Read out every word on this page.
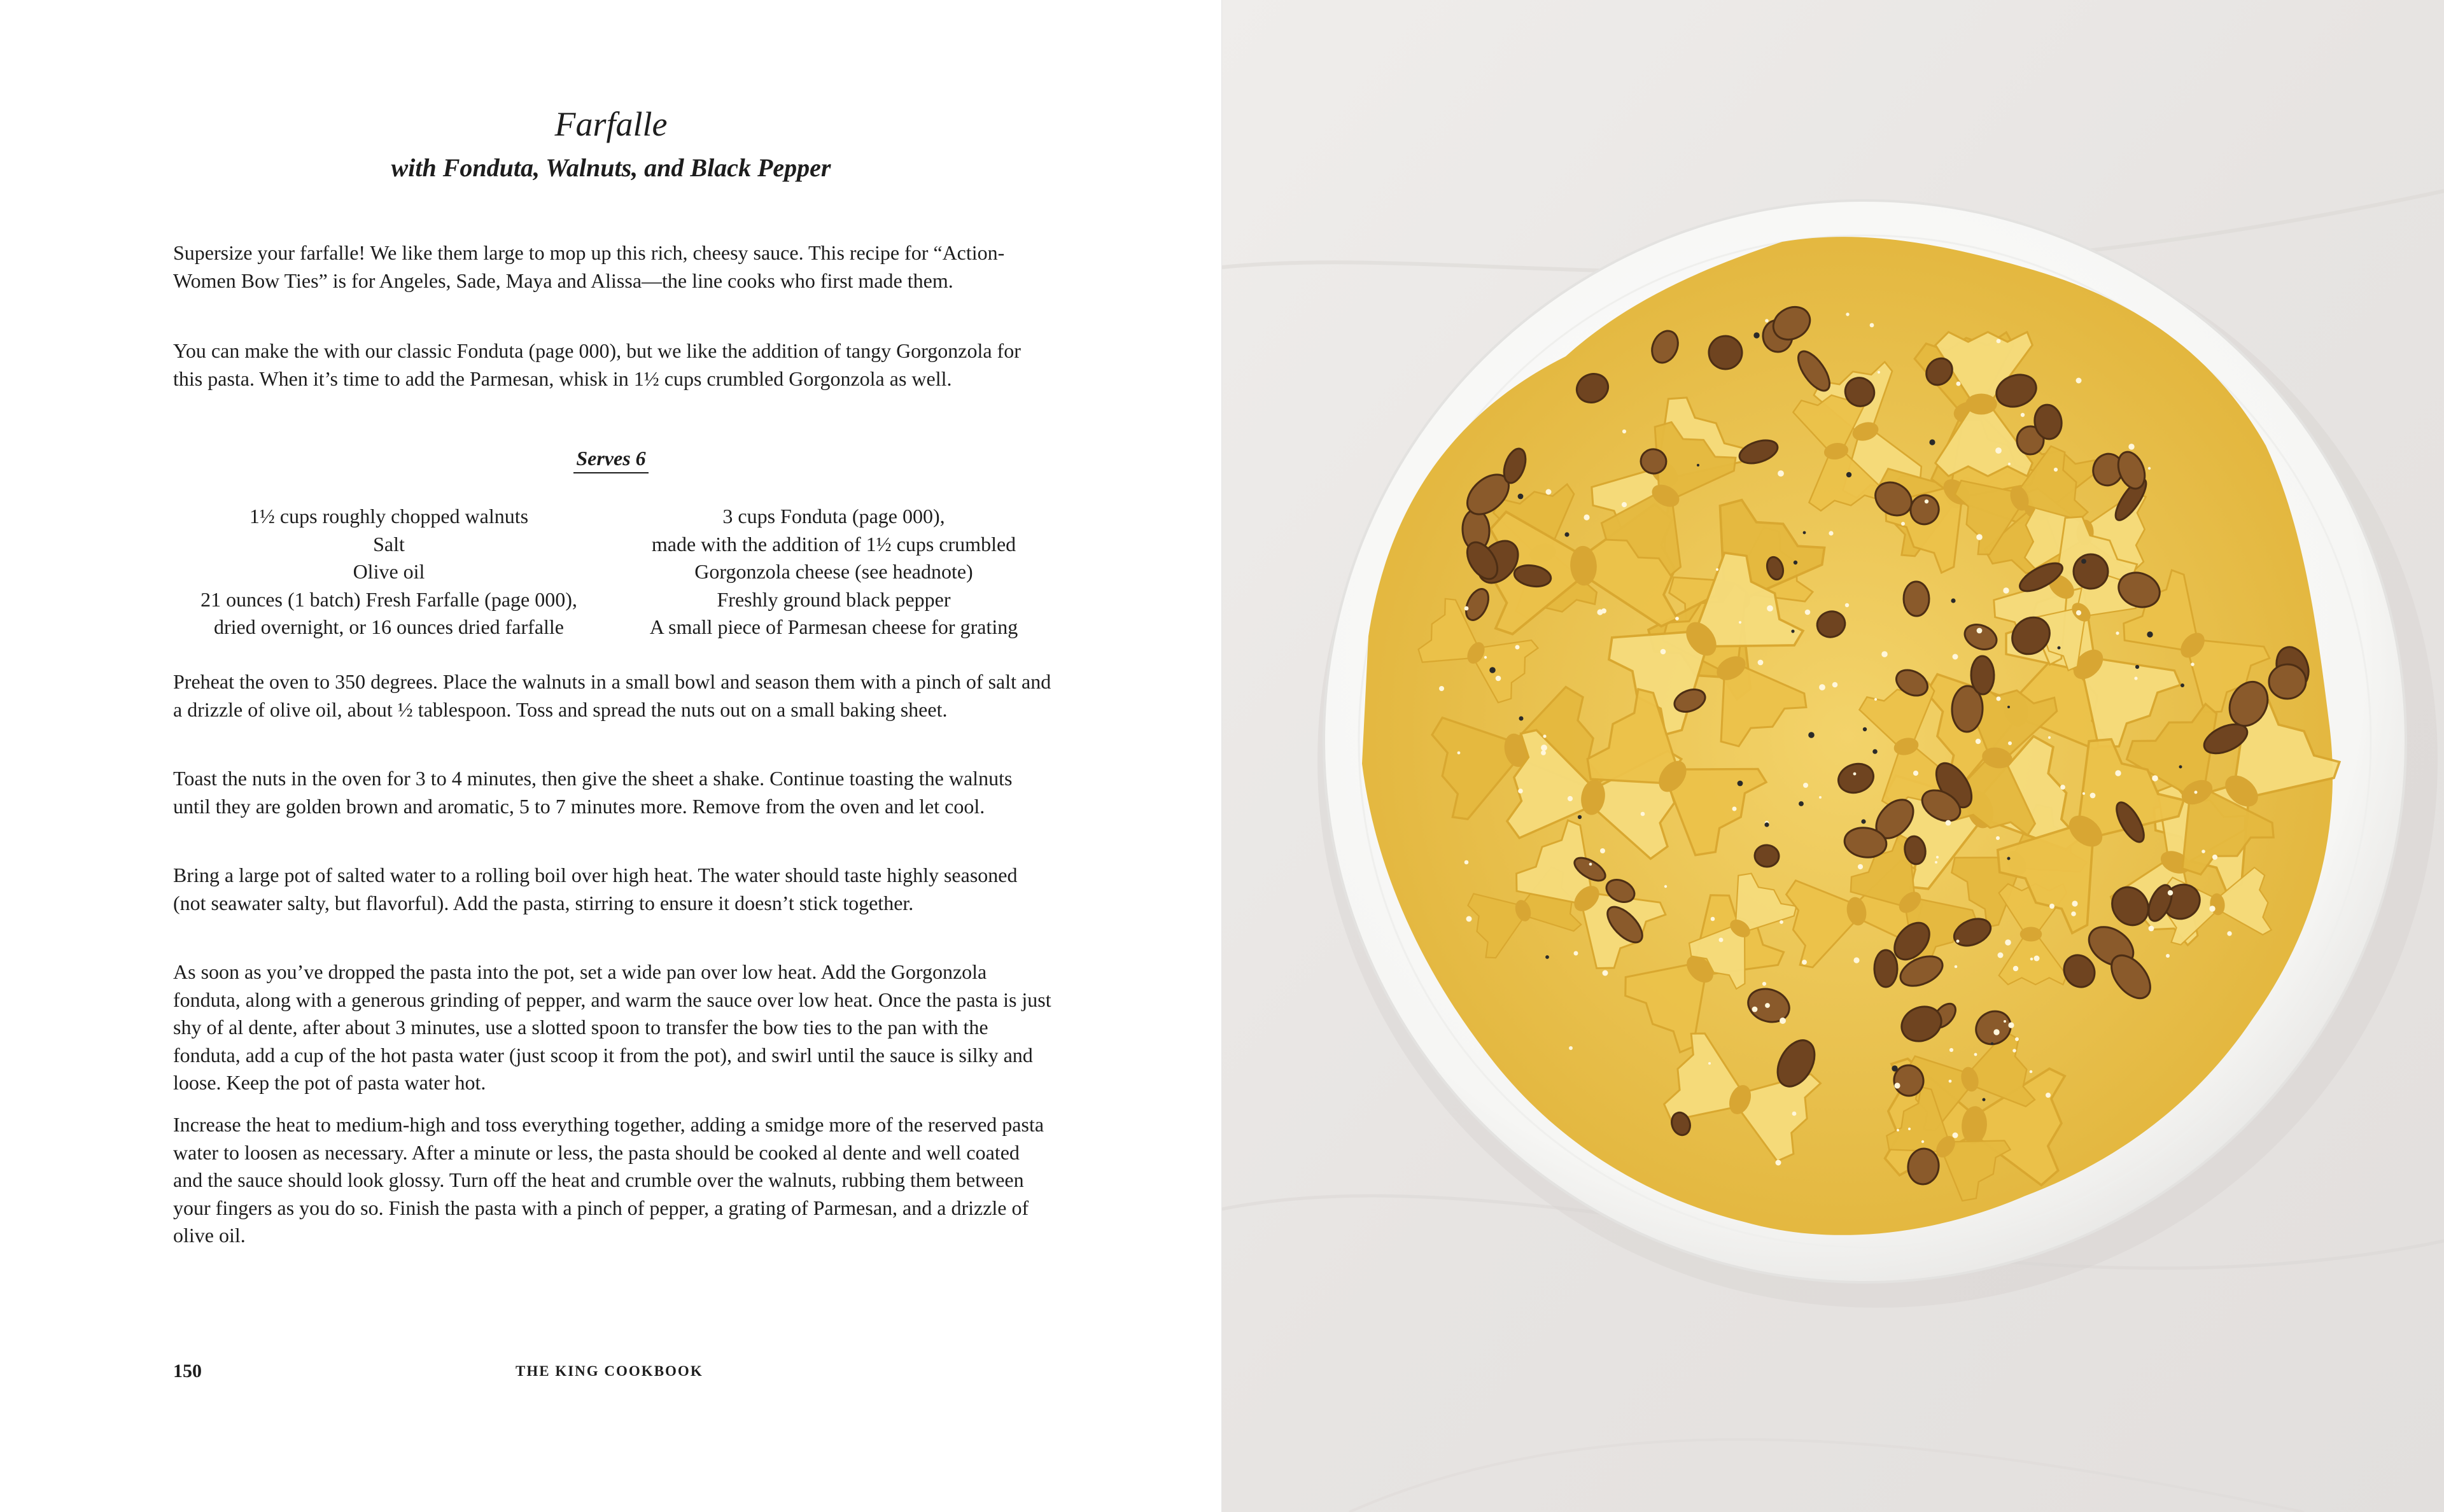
Farfalle
with Fonduta, Walnuts, and Black Pepper

Supersize your farfalle! We like them large to mop up this rich, cheesy sauce. This recipe for “Action-Women Bow Ties” is for Angeles, Sade, Maya and Alissa—the line cooks who first made them.

You can make the with our classic Fonduta (page 000), but we like the addition of tangy Gorgonzola for this pasta. When it’s time to add the Parmesan, whisk in 1½ cups crumbled Gorgonzola as well.

Serves 6
1½ cups roughly chopped walnuts
Salt
Olive oil
21 ounces (1 batch) Fresh Farfalle (page 000),
dried overnight, or 16 ounces dried farfalle
3 cups Fonduta (page 000),
made with the addition of 1½ cups crumbled
Gorgonzola cheese (see headnote)
Freshly ground black pepper
A small piece of Parmesan cheese for grating

Preheat the oven to 350 degrees. Place the walnuts in a small bowl and season them with a pinch of salt and a drizzle of olive oil, about ½ tablespoon. Toss and spread the nuts out on a small baking sheet.

Toast the nuts in the oven for 3 to 4 minutes, then give the sheet a shake. Continue toasting the walnuts until they are golden brown and aromatic, 5 to 7 minutes more. Remove from the oven and let cool.

Bring a large pot of salted water to a rolling boil over high heat. The water should taste highly seasoned (not seawater salty, but flavorful). Add the pasta, stirring to ensure it doesn’t stick together.

As soon as you’ve dropped the pasta into the pot, set a wide pan over low heat. Add the Gorgonzola fonduta, along with a generous grinding of pepper, and warm the sauce over low heat. Once the pasta is just shy of al dente, after about 3 minutes, use a slotted spoon to transfer the bow ties to the pan with the fonduta, add a cup of the hot pasta water (just scoop it from the pot), and swirl until the sauce is silky and loose. Keep the pot of pasta water hot.

Increase the heat to medium-high and toss everything together, adding a smidge more of the reserved pasta water to loosen as necessary. After a minute or less, the pasta should be cooked al dente and well coated and the sauce should look glossy. Turn off the heat and crumble over the walnuts, rubbing them between your fingers as you do so. Finish the pasta with a pinch of pepper, a grating of Parmesan, and a drizzle of olive oil.

150	THE KING COOKBOOK
